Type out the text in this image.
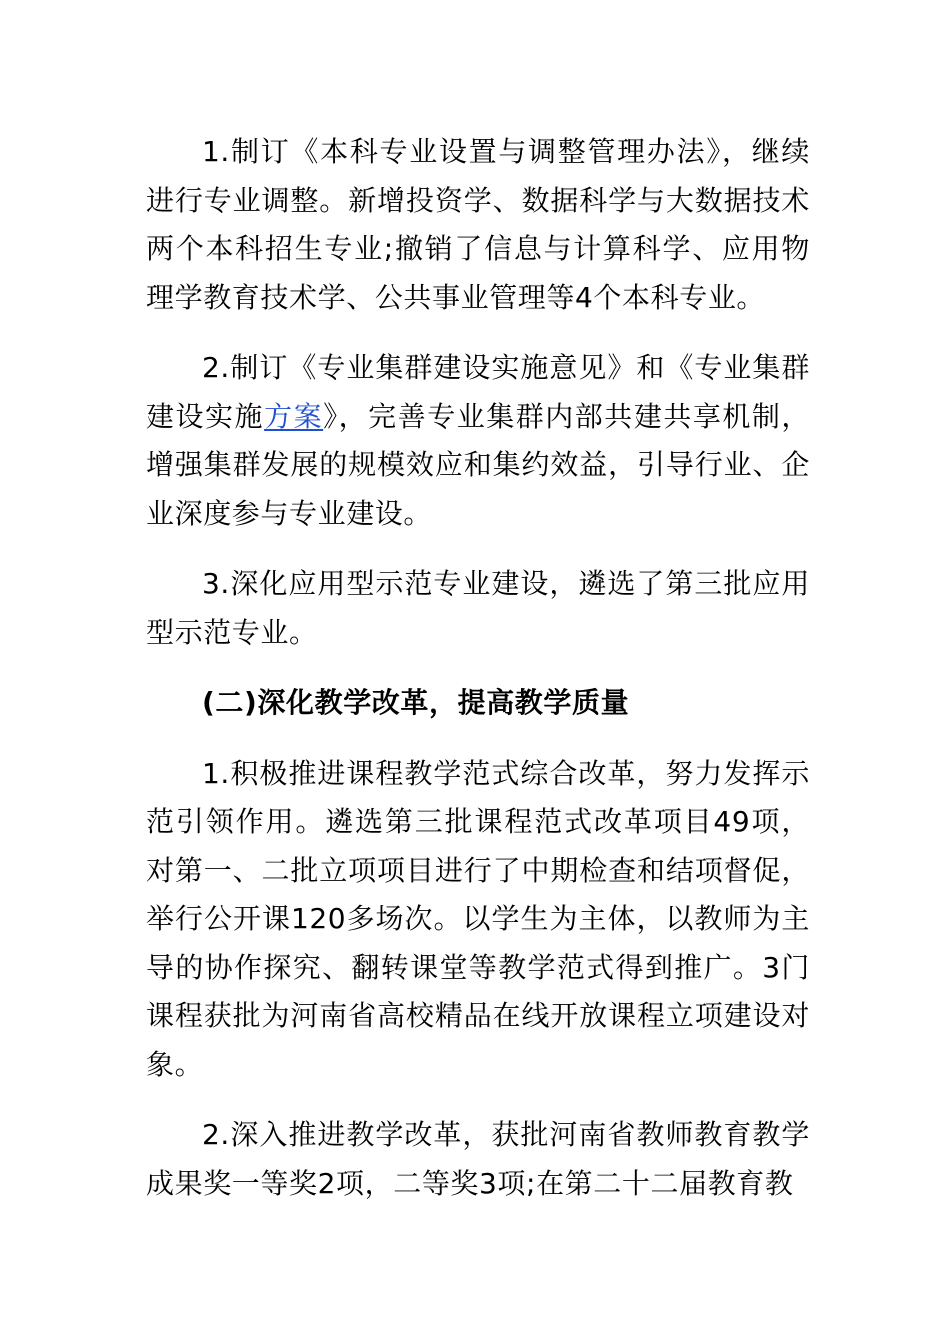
1.制订《本科专业设置与调整管理办法》，继续进行专业调整。新增投资学、数据科学与大数据技术两个本科招生专业;撤销了信息与计算科学、应用物理学教育技术学、公共事业管理等4个本科专业。

2.制订《专业集群建设实施意见》和《专业集群建设实施方案》，完善专业集群内部共建共享机制，增强集群发展的规模效应和集约效益，引导行业、企业深度参与专业建设。

3.深化应用型示范专业建设，遴选了第三批应用型示范专业。

(二)深化教学改革，提高教学质量

1.积极推进课程教学范式综合改革，努力发挥示范引领作用。遴选第三批课程范式改革项目49项，对第一、二批立项项目进行了中期检查和结项督促，举行公开课120多场次。以学生为主体，以教师为主导的协作探究、翻转课堂等教学范式得到推广。3门课程获批为河南省高校精品在线开放课程立项建设对象。

2.深入推进教学改革，获批河南省教师教育教学成果奖一等奖2项，二等奖3项;在第二十二届教育教
